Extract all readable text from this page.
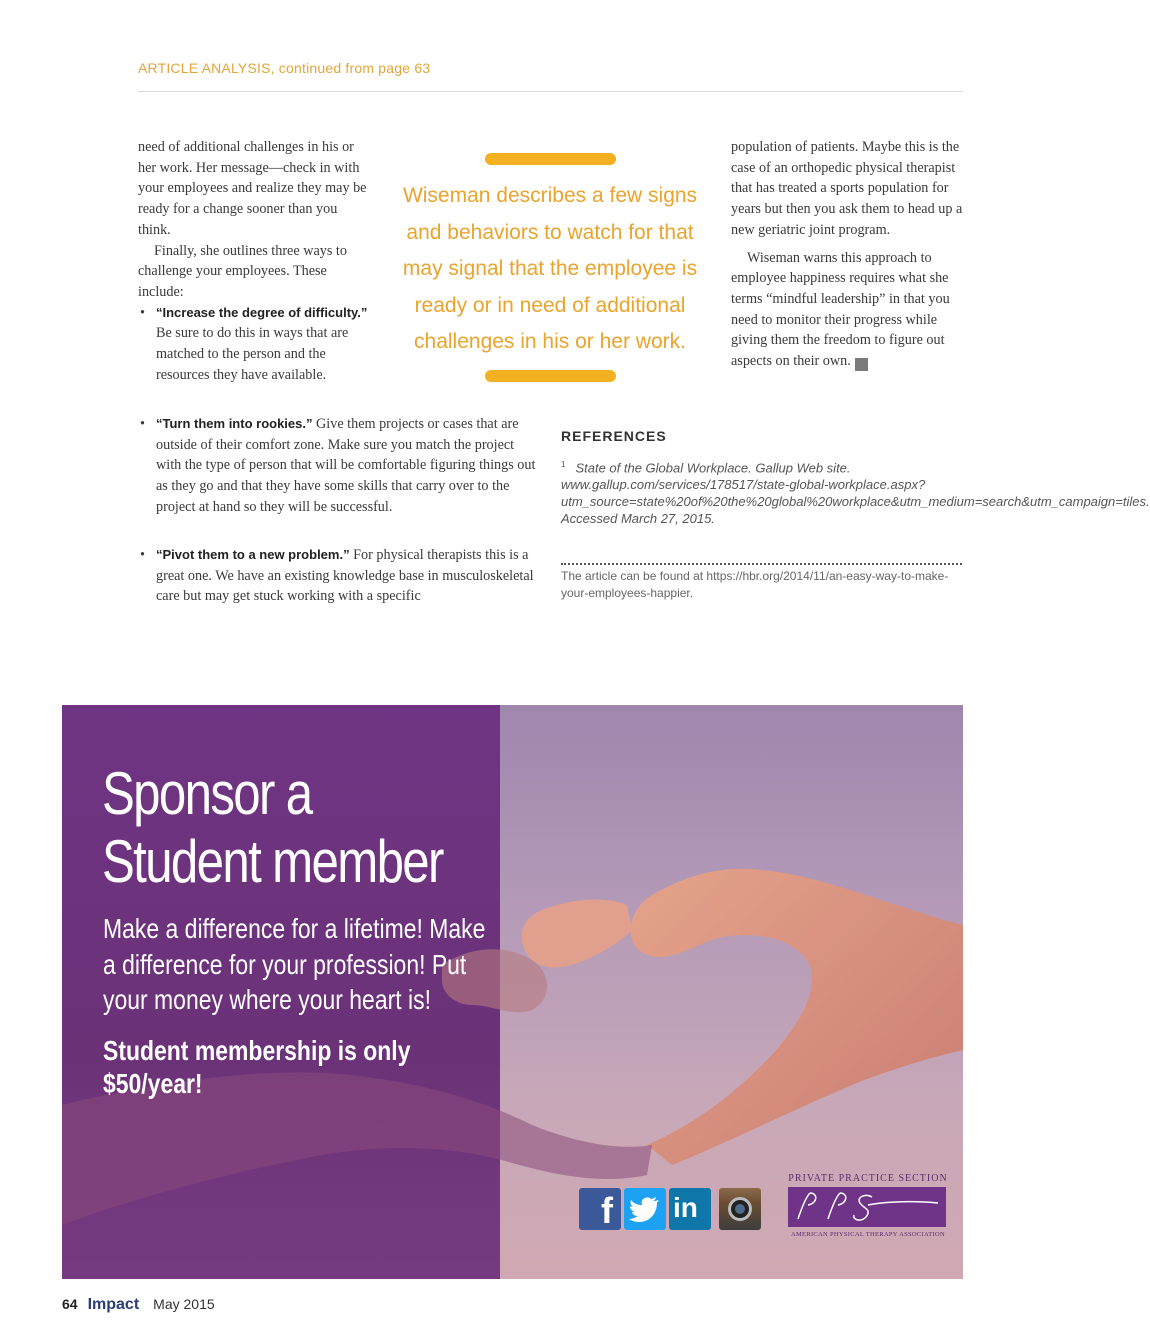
ARTICLE ANALYSIS, continued from page 63

need of additional challenges in his or her work. Her message—check in with your employees and realize they may be ready for a change sooner than you think.

Finally, she outlines three ways to challenge your employees. These include:

• “Increase the degree of difficulty.” Be sure to do this in ways that are matched to the person and the resources they have available.
• “Turn them into rookies.” Give them projects or cases that are outside of their comfort zone. Make sure you match the project with the type of person that will be comfortable figuring things out as they go and that they have some skills that carry over to the project at hand so they will be successful.
• “Pivot them to a new problem.” For physical therapists this is a great one. We have an existing knowledge base in musculoskeletal care but may get stuck working with a specific
Wiseman describes a few signs and behaviors to watch for that may signal that the employee is ready or in need of additional challenges in his or her work.

population of patients. Maybe this is the case of an orthopedic physical therapist that has treated a sports population for years but then you ask them to head up a new geriatric joint program.

Wiseman warns this approach to employee happiness requires what she terms “mindful leadership” in that you need to monitor their progress while giving them the freedom to figure out aspects on their own. I

REFERENCES
$^1$ State of the Global Workplace. Gallup Web site. www.gallup.com/services/178517/state-global-workplace.aspx?utm_source=state%20of%20the%20global%20workplace&utm_medium=search&utm_campaign=tiles. Accessed March 27, 2015.
The article can be found at https://hbr.org/2014/11/an-easy-way-to-make-your-employees-happier.
Sponsor a
Student member
Make a difference for a lifetime! Make a difference for your profession! Put your money where your heart is!
Student membership is only
$50/year!
f in
PRIVATE PRACTICE SECTION
AMERICAN PHYSICAL THERAPY ASSOCIATION
64 Impact May 2015
